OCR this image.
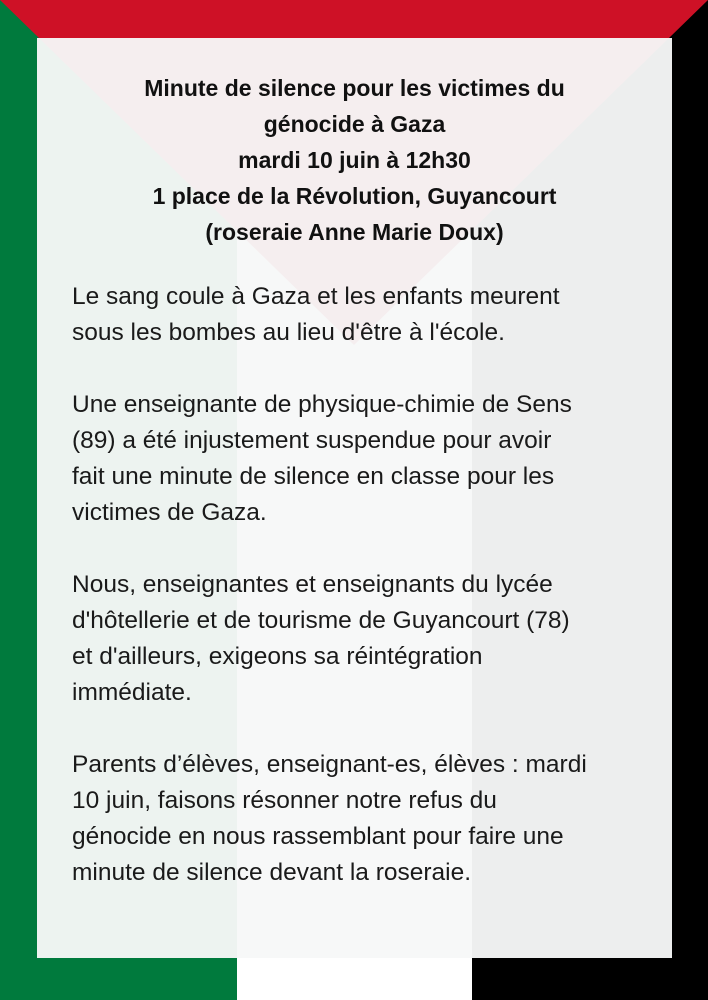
Minute de silence pour les victimes du
génocide à Gaza
mardi 10 juin à 12h30
1 place de la Révolution, Guyancourt
(roseraie Anne Marie Doux)
Le sang coule à Gaza et les enfants meurent
sous les bombes au lieu d'être à l'école.
Une enseignante de physique-chimie de Sens
(89) a été injustement suspendue pour avoir
fait une minute de silence en classe pour les
victimes de Gaza.
Nous, enseignantes et enseignants du lycée
d'hôtellerie et de tourisme de Guyancourt (78)
et d'ailleurs, exigeons sa réintégration
immédiate.
Parents d’élèves, enseignant-es, élèves : mardi
10 juin, faisons résonner notre refus du
génocide en nous rassemblant pour faire une
minute de silence devant la roseraie.
